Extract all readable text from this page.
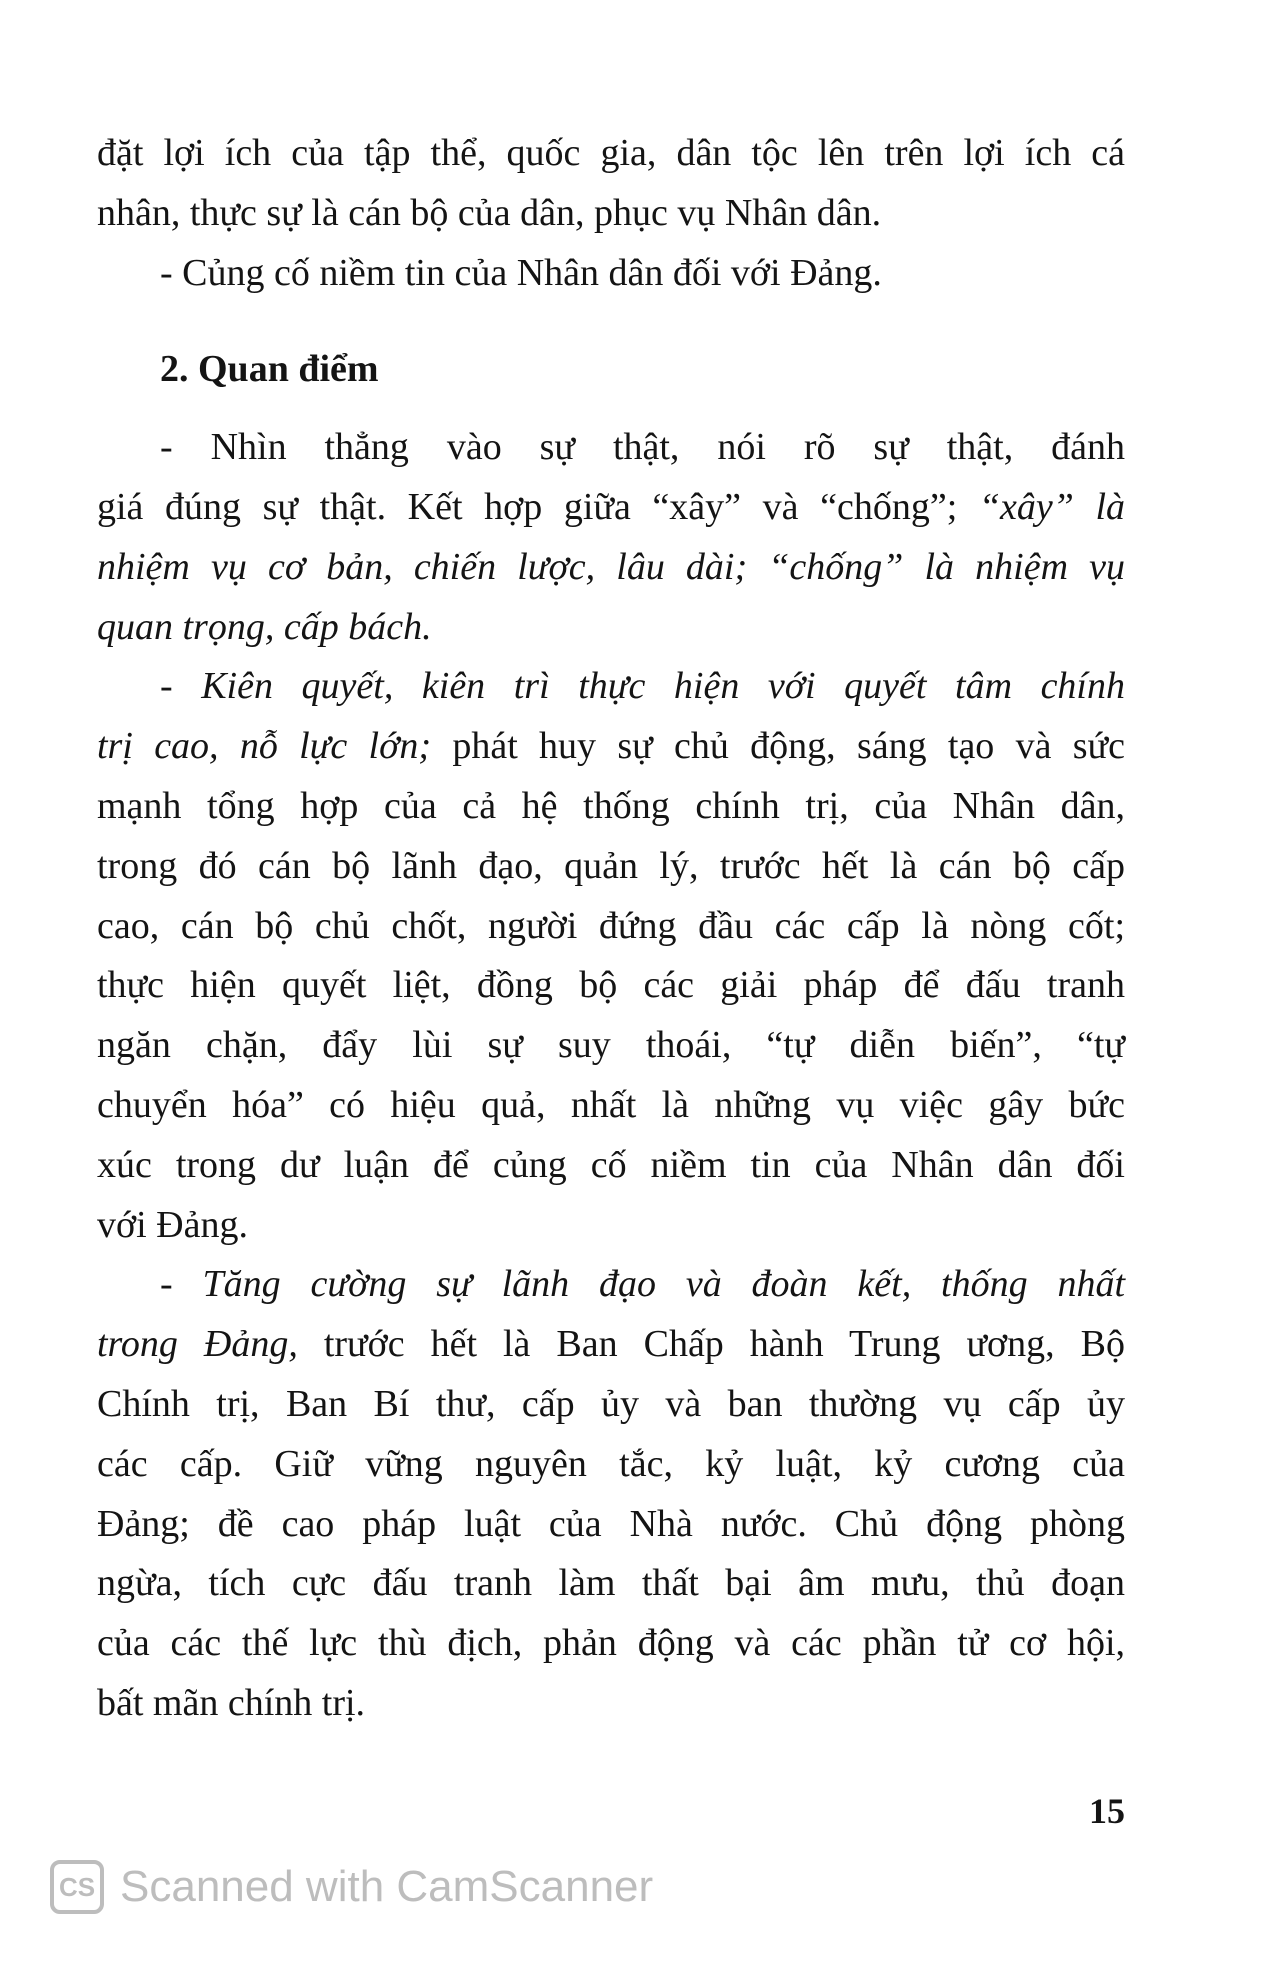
đặt lợi ích của tập thể, quốc gia, dân tộc lên trên lợi ích cá
nhân, thực sự là cán bộ của dân, phục vụ Nhân dân.
- Củng cố niềm tin của Nhân dân đối với Đảng.
2. Quan điểm
- Nhìn thẳng vào sự thật, nói rõ sự thật, đánh
giá đúng sự thật. Kết hợp giữa “xây” và “chống”; “xây” là
nhiệm vụ cơ bản, chiến lược, lâu dài; “chống” là nhiệm vụ
quan trọng, cấp bách.
- Kiên quyết, kiên trì thực hiện với quyết tâm chính
trị cao, nỗ lực lớn; phát huy sự chủ động, sáng tạo và sức
mạnh tổng hợp của cả hệ thống chính trị, của Nhân dân,
trong đó cán bộ lãnh đạo, quản lý, trước hết là cán bộ cấp
cao, cán bộ chủ chốt, người đứng đầu các cấp là nòng cốt;
thực hiện quyết liệt, đồng bộ các giải pháp để đấu tranh
ngăn chặn, đẩy lùi sự suy thoái, “tự diễn biến”, “tự
chuyển hóa” có hiệu quả, nhất là những vụ việc gây bức
xúc trong dư luận để củng cố niềm tin của Nhân dân đối
với Đảng.
- Tăng cường sự lãnh đạo và đoàn kết, thống nhất
trong Đảng, trước hết là Ban Chấp hành Trung ương, Bộ
Chính trị, Ban Bí thư, cấp ủy và ban thường vụ cấp ủy
các cấp. Giữ vững nguyên tắc, kỷ luật, kỷ cương của
Đảng; đề cao pháp luật của Nhà nước. Chủ động phòng
ngừa, tích cực đấu tranh làm thất bại âm mưu, thủ đoạn
của các thế lực thù địch, phản động và các phần tử cơ hội,
bất mãn chính trị.
15
CS Scanned with CamScanner
